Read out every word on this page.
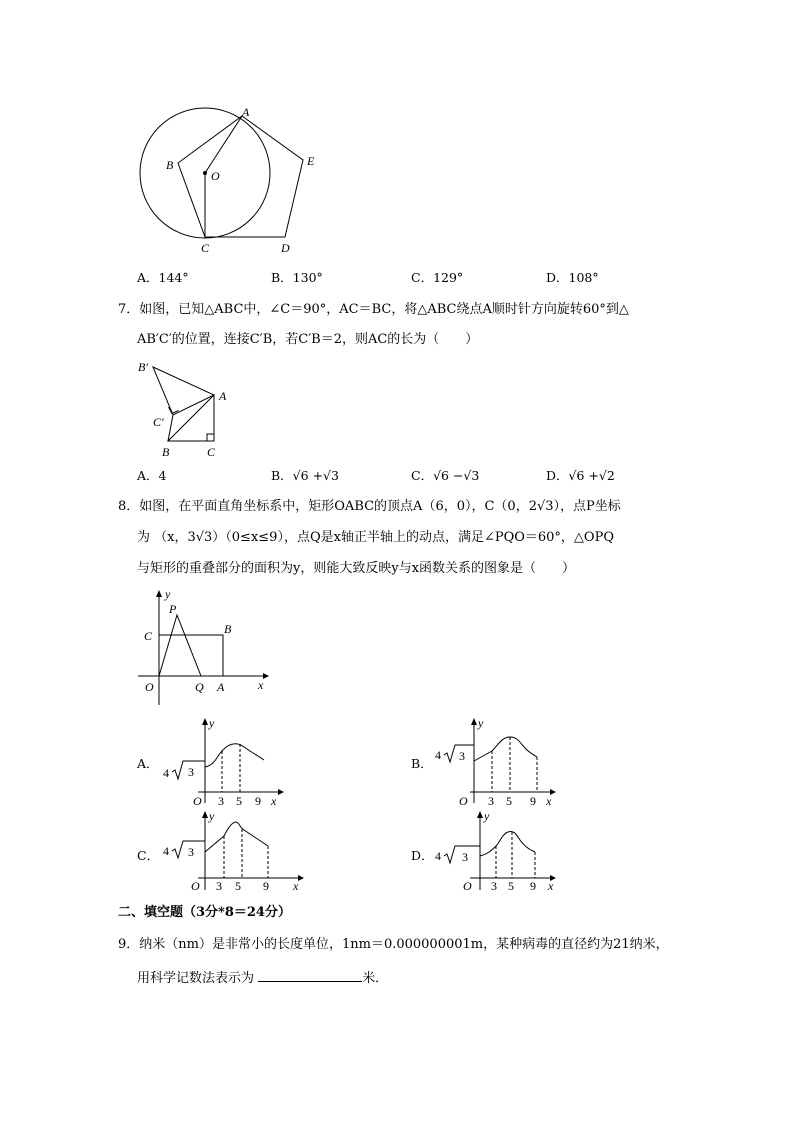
A
B
O
E
C	D
A．144°	B．130°	C．129°	D．108°
7．如图，已知△ABC中，∠C＝90°，AC＝BC，将△ABC绕点A顺时针方向旋转60°到△
AB′C′的位置，连接C′B，若C′B＝2，则AC的长为（　　）
B′
A
C′
B	C
A．4	B．√6 +√3	C．√6 −√3	D．√6 +√2
8．如图，在平面直角坐标系中，矩形OABC的顶点A（6，0），C（0，2√3），点P坐标
为 （x，3√3）（0≤x≤9），点Q是x轴正半轴上的动点，满足∠PQO＝60°，△OPQ
与矩形的重叠部分的面积为y，则能大致反映y与x函数关系的图象是（　　）
y
P
C	B
O	Q A	x
A．
4 3
y
O 3 5 9 x
B．
4 3
y
O 3 5 9 x
C． 4 3
y
O 3 5 9 x
D． 4 3
y
O 3 5 9 x
二、填空题（3分*8＝24分）
9．纳米（nm）是非常小的长度单位，1nm＝0.000000001m，某种病毒的直径约为21纳米，
用科学记数法表示为	米．
